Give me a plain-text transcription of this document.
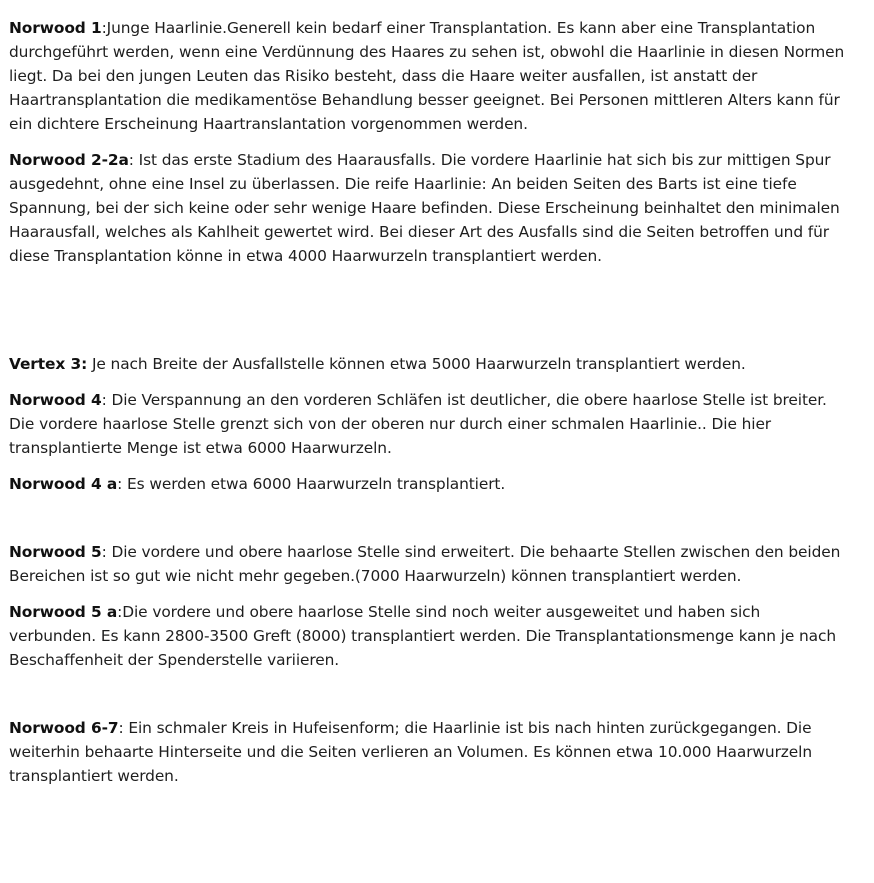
Norwood 1:Junge Haarlinie.Generell kein bedarf einer Transplantation. Es kann aber eine Transplantation durchgeführt werden, wenn eine Verdünnung des Haares zu sehen ist, obwohl die Haarlinie in diesen Normen liegt. Da bei den jungen Leuten das Risiko besteht, dass die Haare weiter ausfallen, ist anstatt der Haartransplantation die medikamentöse Behandlung besser geeignet. Bei Personen mittleren Alters kann für ein dichtere Erscheinung Haartranslantation vorgenommen werden.

Norwood 2-2a: Ist das erste Stadium des Haarausfalls. Die vordere Haarlinie hat sich bis zur mittigen Spur ausgedehnt, ohne eine Insel zu überlassen. Die reife Haarlinie: An beiden Seiten des Barts ist eine tiefe Spannung, bei der sich keine oder sehr wenige Haare befinden. Diese Erscheinung beinhaltet den minimalen Haarausfall, welches als Kahlheit gewertet wird. Bei dieser Art des Ausfalls sind die Seiten betroffen und für diese Transplantation könne in etwa 4000 Haarwurzeln transplantiert werden.

Vertex 3: Je nach Breite der Ausfallstelle können etwa 5000 Haarwurzeln transplantiert werden.

Norwood 4: Die Verspannung an den vorderen Schläfen ist deutlicher, die obere haarlose Stelle ist breiter. Die vordere haarlose Stelle grenzt sich von der oberen nur durch einer schmalen Haarlinie.. Die hier transplantierte Menge ist etwa 6000 Haarwurzeln.

Norwood 4 a: Es werden etwa 6000 Haarwurzeln transplantiert.

Norwood 5: Die vordere und obere haarlose Stelle sind erweitert. Die behaarte Stellen zwischen den beiden Bereichen ist so gut wie nicht mehr gegeben.(7000 Haarwurzeln) können transplantiert werden.

Norwood 5 a:Die vordere und obere haarlose Stelle sind noch weiter ausgeweitet und haben sich verbunden. Es kann 2800-3500 Greft (8000) transplantiert werden. Die Transplantationsmenge kann je nach Beschaffenheit der Spenderstelle variieren.

Norwood 6-7: Ein schmaler Kreis in Hufeisenform; die Haarlinie ist bis nach hinten zurückgegangen. Die weiterhin behaarte Hinterseite und die Seiten verlieren an Volumen. Es können etwa 10.000 Haarwurzeln transplantiert werden.
